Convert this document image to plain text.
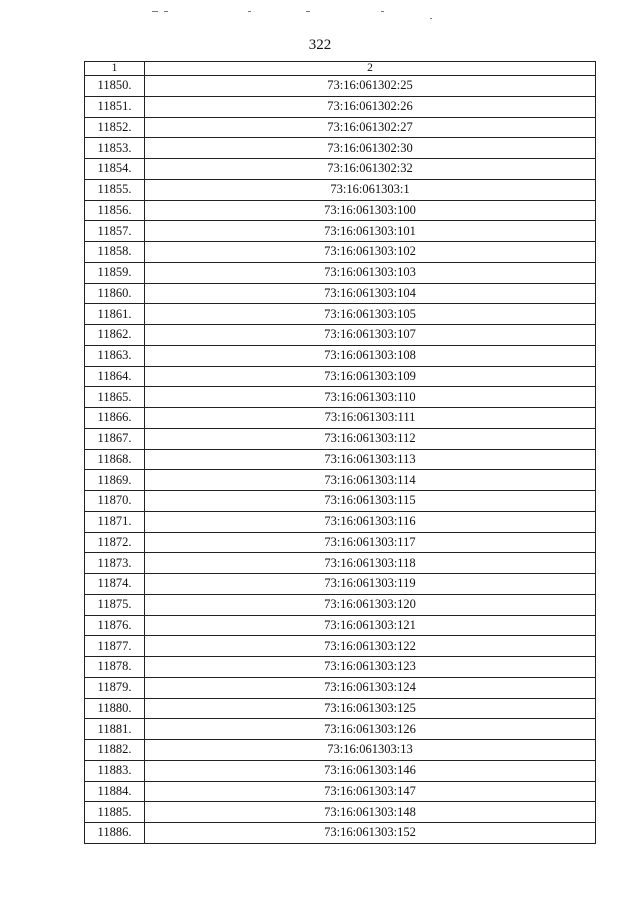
322
1	2
11850.	73:16:061302:25
11851.	73:16:061302:26
11852.	73:16:061302:27
11853.	73:16:061302:30
11854.	73:16:061302:32
11855.	73:16:061303:1
11856.	73:16:061303:100
11857.	73:16:061303:101
11858.	73:16:061303:102
11859.	73:16:061303:103
11860.	73:16:061303:104
11861.	73:16:061303:105
11862.	73:16:061303:107
11863.	73:16:061303:108
11864.	73:16:061303:109
11865.	73:16:061303:110
11866.	73:16:061303:111
11867.	73:16:061303:112
11868.	73:16:061303:113
11869.	73:16:061303:114
11870.	73:16:061303:115
11871.	73:16:061303:116
11872.	73:16:061303:117
11873.	73:16:061303:118
11874.	73:16:061303:119
11875.	73:16:061303:120
11876.	73:16:061303:121
11877.	73:16:061303:122
11878.	73:16:061303:123
11879.	73:16:061303:124
11880.	73:16:061303:125
11881.	73:16:061303:126
11882.	73:16:061303:13
11883.	73:16:061303:146
11884.	73:16:061303:147
11885.	73:16:061303:148
11886.	73:16:061303:152
